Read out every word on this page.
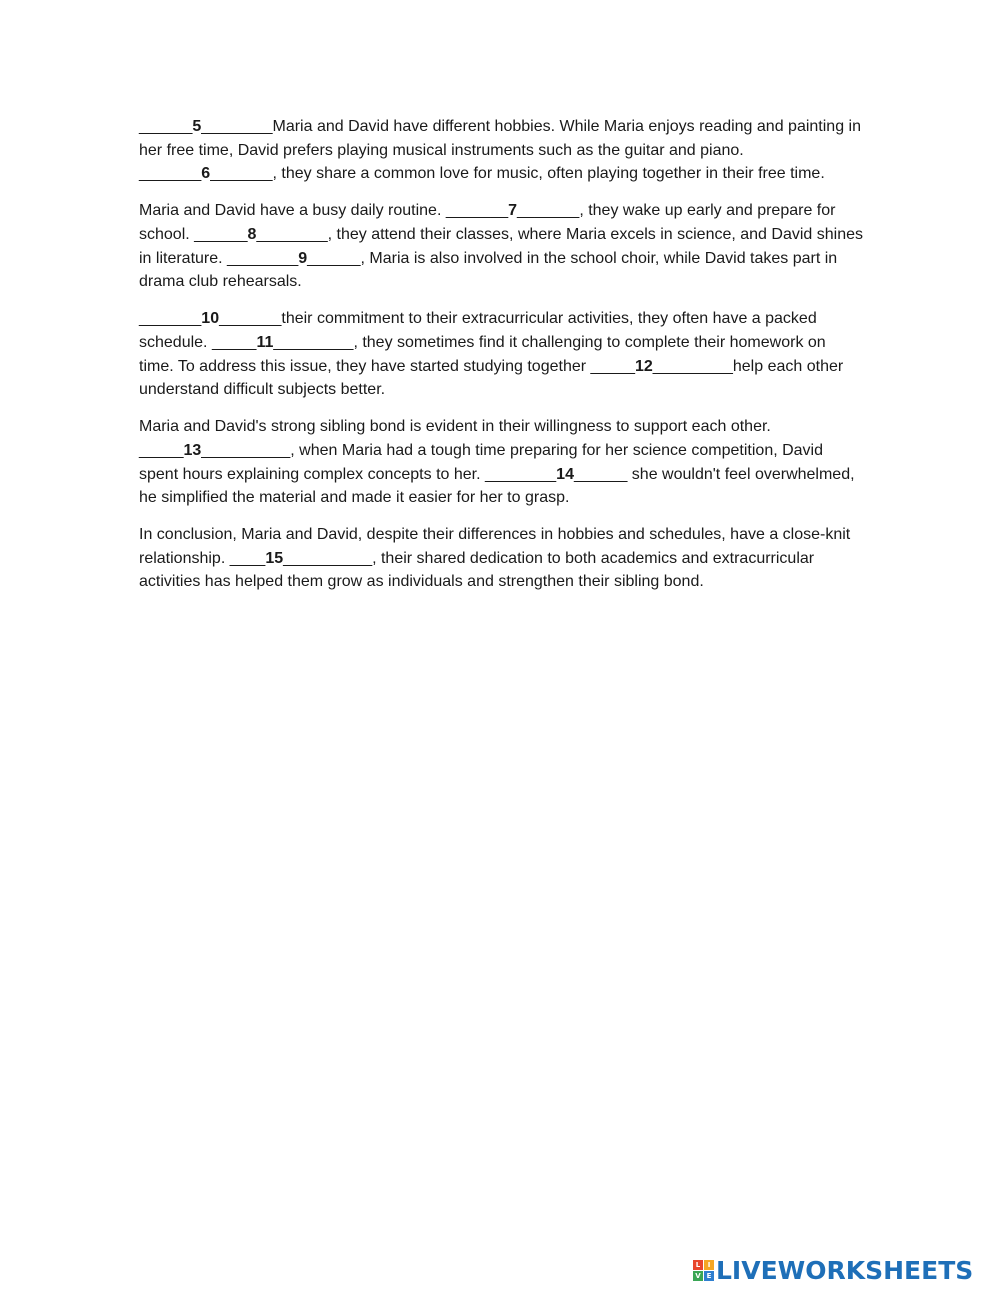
______5________Maria and David have different hobbies. While Maria enjoys reading and painting in her free time, David prefers playing musical instruments such as the guitar and piano. _______6_______, they share a common love for music, often playing together in their free time.

Maria and David have a busy daily routine. _______7_______, they wake up early and prepare for school. ______8________, they attend their classes, where Maria excels in science, and David shines in literature. ________9______, Maria is also involved in the school choir, while David takes part in drama club rehearsals.

_______10_______their commitment to their extracurricular activities, they often have a packed schedule. _____11_________, they sometimes find it challenging to complete their homework on time. To address this issue, they have started studying together _____12_________help each other understand difficult subjects better.

Maria and David's strong sibling bond is evident in their willingness to support each other. _____13__________, when Maria had a tough time preparing for her science competition, David spent hours explaining complex concepts to her. ________14______ she wouldn't feel overwhelmed, he simplified the material and made it easier for her to grasp.

In conclusion, Maria and David, despite their differences in hobbies and schedules, have a close-knit relationship. ____15__________, their shared dedication to both academics and extracurricular activities has helped them grow as individuals and strengthen their sibling bond.

L	I
V E LIVEWORKSHEETS
